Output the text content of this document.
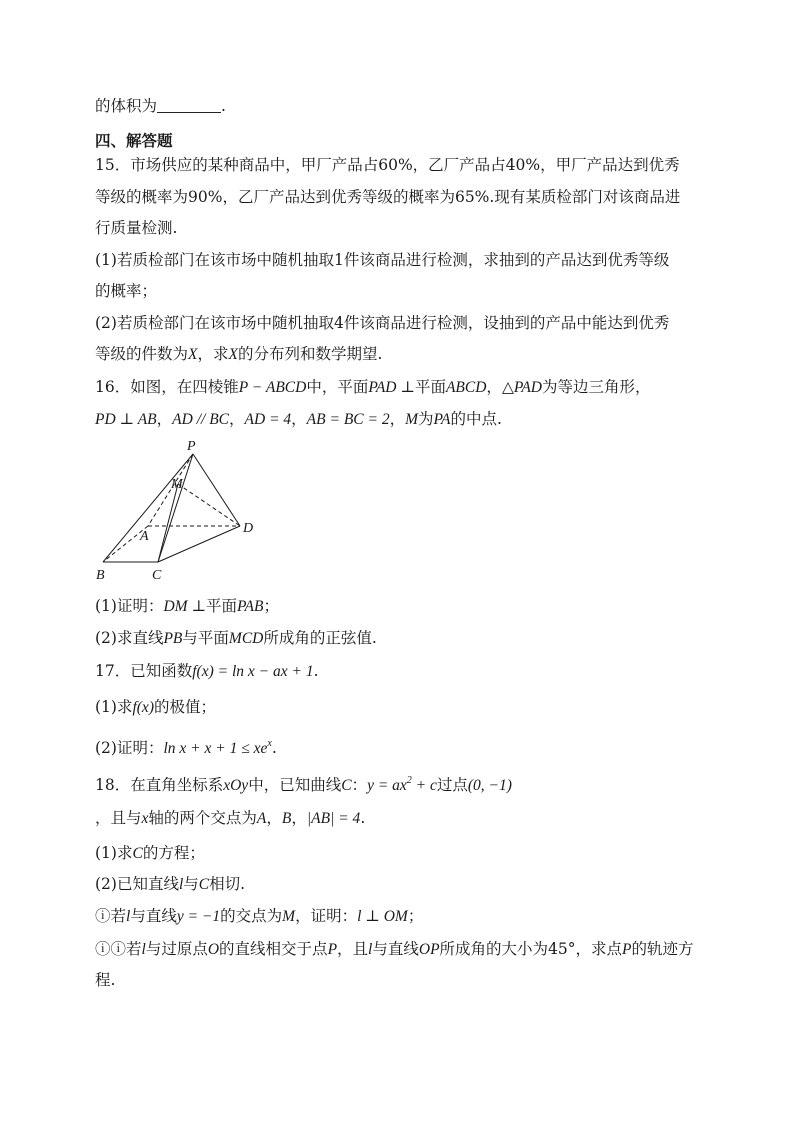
的体积为	.
四、解答题
15．市场供应的某种商品中，甲厂产品占60%，乙厂产品占40%，甲厂产品达到优秀
等级的概率为90%，乙厂产品达到优秀等级的概率为65%.现有某质检部门对该商品进
行质量检测.
(1)若质检部门在该市场中随机抽取1件该商品进行检测，求抽到的产品达到优秀等级
的概率；
(2)若质检部门在该市场中随机抽取4件该商品进行检测，设抽到的产品中能达到优秀
等级的件数为X，求X的分布列和数学期望.
16．如图，在四棱锥P − ABCD中，平面PAD ⊥平面ABCD，△PAD为等边三角形，
PD ⊥ AB，AD // BC，AD = 4，AB = BC = 2，M为PA的中点.
P
M
A
D
B	C
(1)证明：DM ⊥平面PAB；
(2)求直线PB与平面MCD所成角的正弦值.
17．已知函数f(x) = ln x − ax + 1.
(1)求f(x)的极值；
(2)证明：$\ln x + x + 1 \le xe^x$.
18．在直角坐标系xOy中，已知曲线C：$y = ax^2 + c$过点(0, −1)
，且与x轴的两个交点为A，B，|AB| = 4.
(1)求C的方程；
(2)已知直线l与C相切.
ⓘ若l与直线y = −1的交点为M，证明：l ⊥ OM；
ⓘⓘ若l与过原点O的直线相交于点P，且l与直线OP所成角的大小为45°，求点P的轨迹方
程.
